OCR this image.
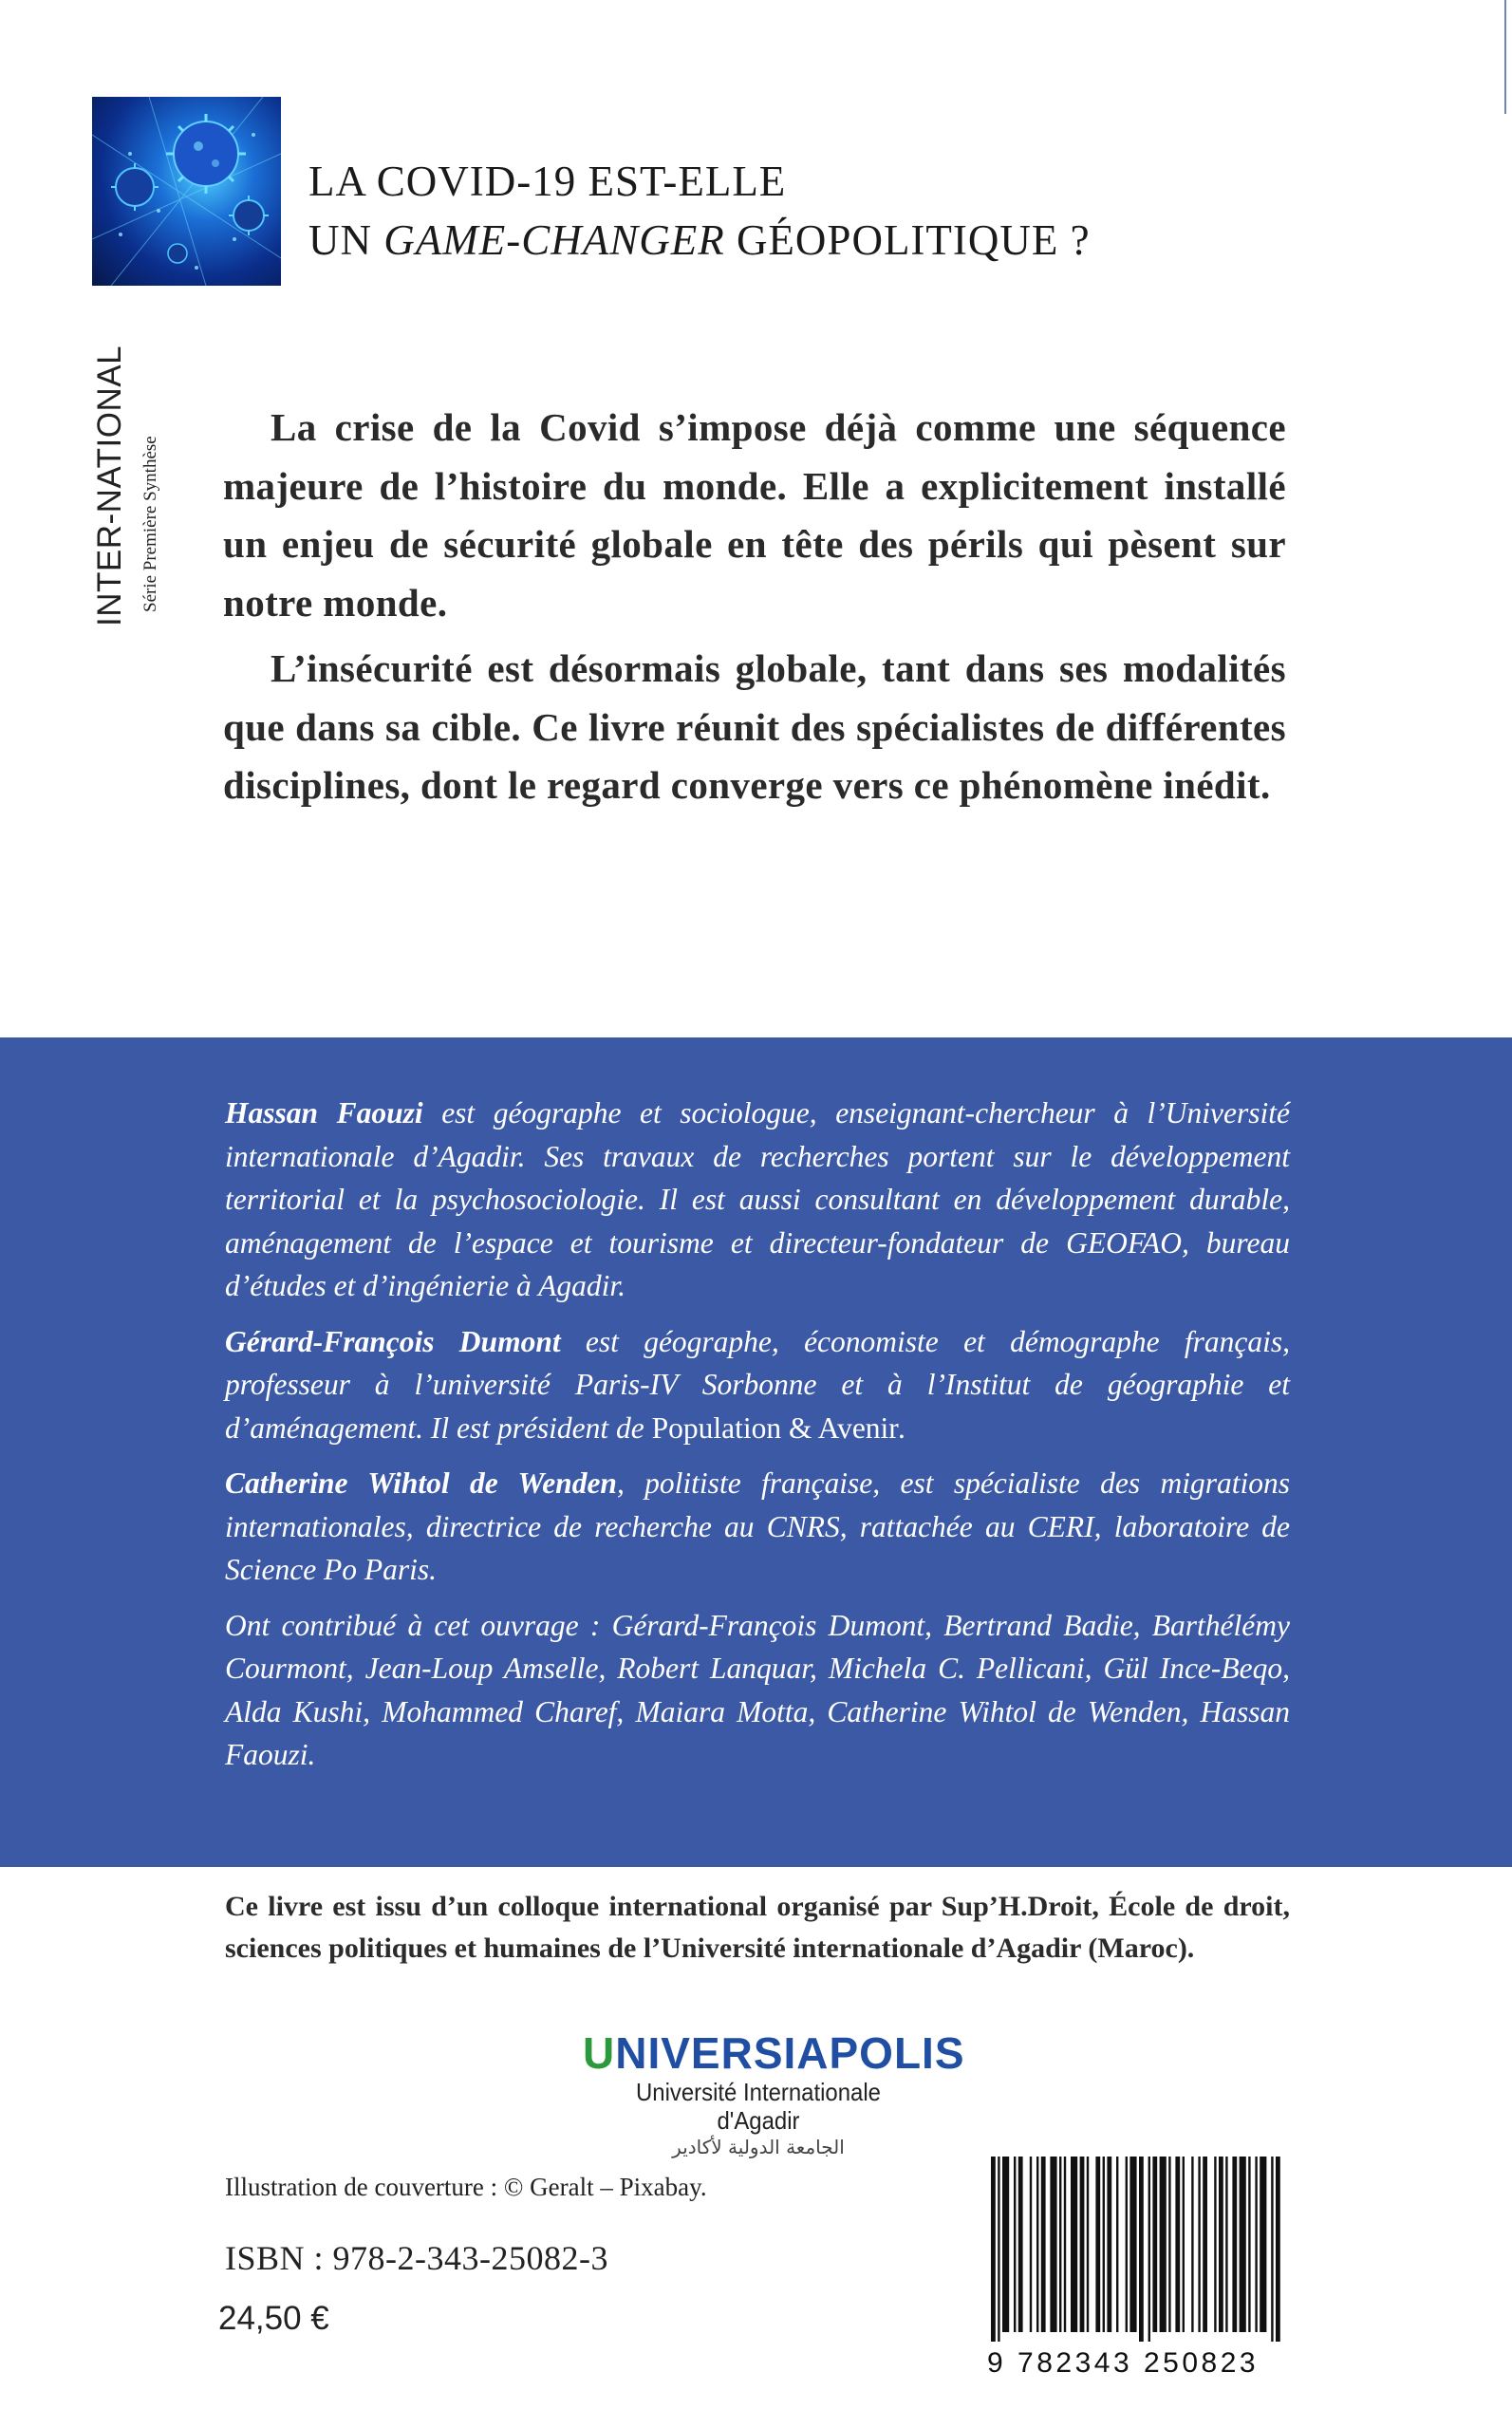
INTER-NATIONAL Série Première Synthèse
LA COVID-19 EST-ELLE
UN GAME-CHANGER GÉOPOLITIQUE ?

La crise de la Covid s’impose déjà comme une séquence majeure de l’histoire du monde. Elle a explicitement installé un enjeu de sécurité globale en tête des périls qui pèsent sur notre monde.

L’insécurité est désormais globale, tant dans ses modalités que dans sa cible. Ce livre réunit des spécialistes de différentes disciplines, dont le regard converge vers ce phénomène inédit.

Hassan Faouzi est géographe et sociologue, enseignant-chercheur à l’Université internationale d’Agadir. Ses travaux de recherches portent sur le développement territorial et la psychosociologie. Il est aussi consultant en développement durable, aménagement de l’espace et tourisme et directeur-fondateur de GEOFAO, bureau d’études et d’ingénierie à Agadir.

Gérard-François Dumont est géographe, économiste et démographe français, professeur à l’université Paris-IV Sorbonne et à l’Institut de géographie et d’aménagement. Il est président de Population & Avenir.

Catherine Wihtol de Wenden, politiste française, est spécialiste des migrations internationales, directrice de recherche au CNRS, rattachée au CERI, laboratoire de Science Po Paris.

Ont contribué à cet ouvrage : Gérard-François Dumont, Bertrand Badie, Barthélémy Courmont, Jean-Loup Amselle, Robert Lanquar, Michela C. Pellicani, Gül Ince-Beqo, Alda Kushi, Mohammed Charef, Maiara Motta, Catherine Wihtol de Wenden, Hassan Faouzi.

Ce livre est issu d’un colloque international organisé par Sup’H.Droit, École de droit, sciences politiques et humaines de l’Université internationale d’Agadir (Maroc).
UNIVERSIAPOLIS
Université Internationale d'Agadir
الجامعة الدولية لأكادير
Illustration de couverture : © Geralt – Pixabay.
ISBN : 978-2-343-25082-3
24,50 €
9 782343 250823
